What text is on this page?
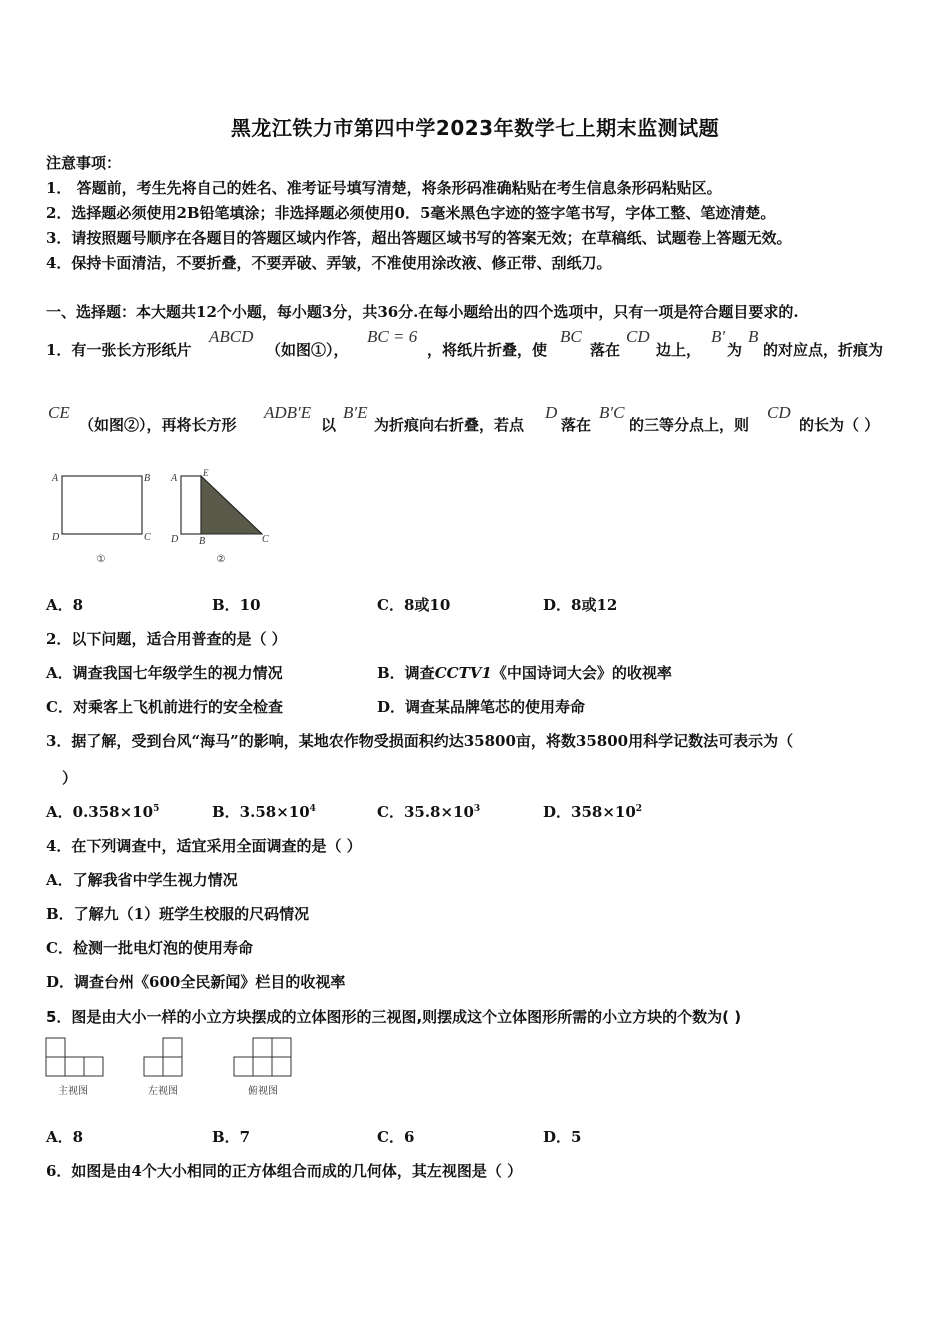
黑龙江铁力市第四中学2023年数学七上期末监测试题
注意事项：
1． 答题前，考生先将自己的姓名、准考证号填写清楚，将条形码准确粘贴在考生信息条形码粘贴区。
2．选择题必须使用2B铅笔填涂；非选择题必须使用0．5毫米黑色字迹的签字笔书写，字体工整、笔迹清楚。
3．请按照题号顺序在各题目的答题区域内作答，超出答题区域书写的答案无效；在草稿纸、试题卷上答题无效。
4．保持卡面清洁，不要折叠，不要弄破、弄皱，不准使用涂改液、修正带、刮纸刀。
一、选择题：本大题共12个小题，每小题3分，共36分.在每小题给出的四个选项中，只有一项是符合题目要求的.
1．有一张长方形纸片
ABCD
（如图①），
BC = 6
，将纸片折叠，使
BC
落在
CD
边上，
B′
为
B
的对应点，折痕为
CE
（如图②），再将长方形
ADB′E
以
B′E
为折痕向右折叠，若点
D
落在
B′C
的三等分点上，则
CD
的长为（ ）
A	B
D	C
①
A	E
D B	C
②
A．8	B．10	C．8或10	D．8或12
2．以下问题，适合用普查的是（ ）
A．调查我国七年级学生的视力情况	B．调查CCTV1《中国诗词大会》的收视率
C．对乘客上飞机前进行的安全检查	D．调查某品牌笔芯的使用寿命
3．据了解，受到台风“海马”的影响，某地农作物受损面积约达35800亩，将数35800用科学记数法可表示为（
）
A．$0.358\times 10^5$	B．$3.58\times 10^4$	C．$35.8\times 10^3$	D．$358\times 10^2$
4．在下列调查中，适宜采用全面调查的是（ ）
A．了解我省中学生视力情况
B．了解九（1）班学生校服的尺码情况
C．检测一批电灯泡的使用寿命
D．调查台州《600全民新闻》栏目的收视率
5．图是由大小一样的小立方块摆成的立体图形的三视图,则摆成这个立体图形所需的小立方块的个数为( )
主视图	左视图	俯视图
A．8	B．7	C．6	D．5
6．如图是由4个大小相同的正方体组合而成的几何体，其左视图是（ ）
